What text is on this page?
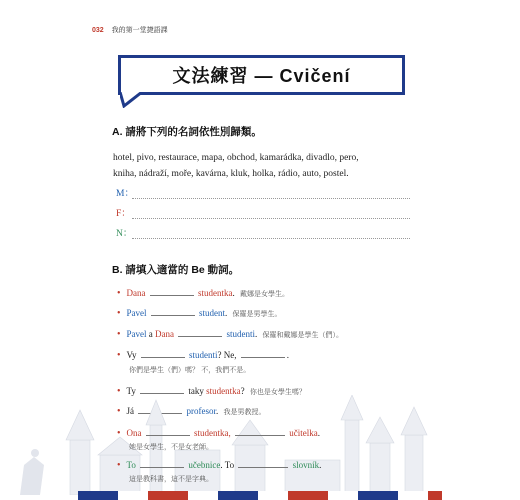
032 我的第一堂捷語課
文法練習 — Cvičení
A. 請將下列的名詞依性別歸類。
hotel, pivo, restaurace, mapa, obchod, kamarádka, divadlo, pero,
kniha, nádraží, moře, kavárna, kluk, holka, rádio, auto, postel.
M：
F：
N：
B. 請填入適當的 Be 動詞。
• Dana	studentka. 戴娜是女學生。
• Pavel	student. 保羅是男學生。
• Pavel a Dana	studenti. 保羅和戴娜是學生（們）。
• Vy	studenti? Ne,	.
你們是學生（們）嗎？ 不，我們不是。
• Ty	taky studentka? 你也是女學生嗎？
• Já	profesor. 我是男教授。
• Ona	studentka,	učitelka.
她是女學生，不是女老師。
• To	učebnice. To	slovník.
這是教科書，這不是字典。
